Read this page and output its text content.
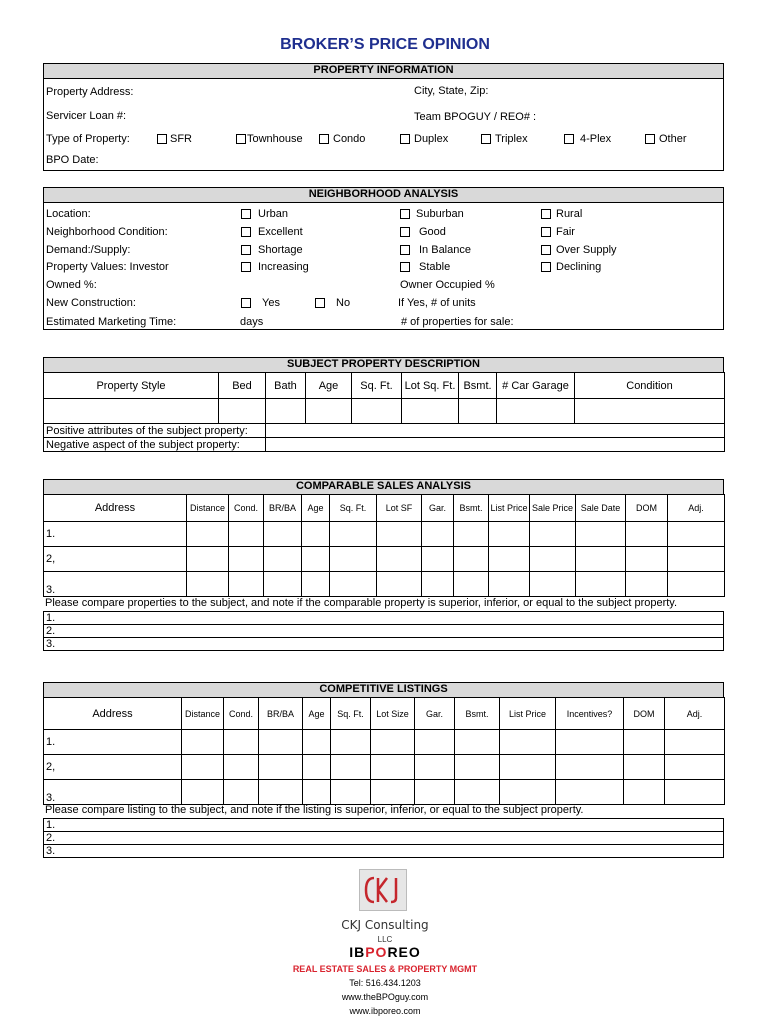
BROKER’S PRICE OPINION
PROPERTY INFORMATION
Property Address:	City, State, Zip:
Servicer Loan #:	Team BPOGUY / REO# :
Type of Property:	SFR	Townhouse	Condo	Duplex	Triplex	4-Plex	Other
BPO Date:
NEIGHBORHOOD ANALYSIS
Location:	Urban	Suburban	Rural
Neighborhood Condition:	Excellent	Good	Fair
Demand:/Supply:	Shortage	In Balance	Over Supply
Property Values: Investor	Increasing	Stable	Declining
Owned %:	Owner Occupied %
New Construction:	Yes	No	If Yes, # of units
Estimated Marketing Time:	days	# of properties for sale:
SUBJECT PROPERTY DESCRIPTION
Property Style	Bed	Bath	Age	Sq. Ft.	Lot Sq. Ft.	Bsmt.	# Car Garage	Condition

Positive attributes of the subject property:	
Negative aspect of the subject property:	
COMPARABLE SALES ANALYSIS
Address	Distance	Cond.	BR/BA	Age	Sq. Ft.	Lot SF	Gar.	Bsmt.	List Price	Sale Price	Sale Date	DOM	Adj.
1.													
2,													
3.													
Please compare properties to the subject, and note if the comparable property is superior, inferior, or equal to the subject property.
1.
2.
3.
COMPETITIVE LISTINGS
Address	Distance	Cond.	BR/BA	Age	Sq. Ft.	Lot Size	Gar.	Bsmt.	List Price	Incentives?	DOM	Adj.
1.												
2,												
3.												
Please compare listing to the subject, and note if the listing is superior, inferior, or equal to the subject property.
1.
2.
3.
CKJ Consulting
LLC
IBPOREO
REAL ESTATE SALES & PROPERTY MGMT
Tel: 516.434.1203
www.theBPOguy.com
www.ibporeo.com
